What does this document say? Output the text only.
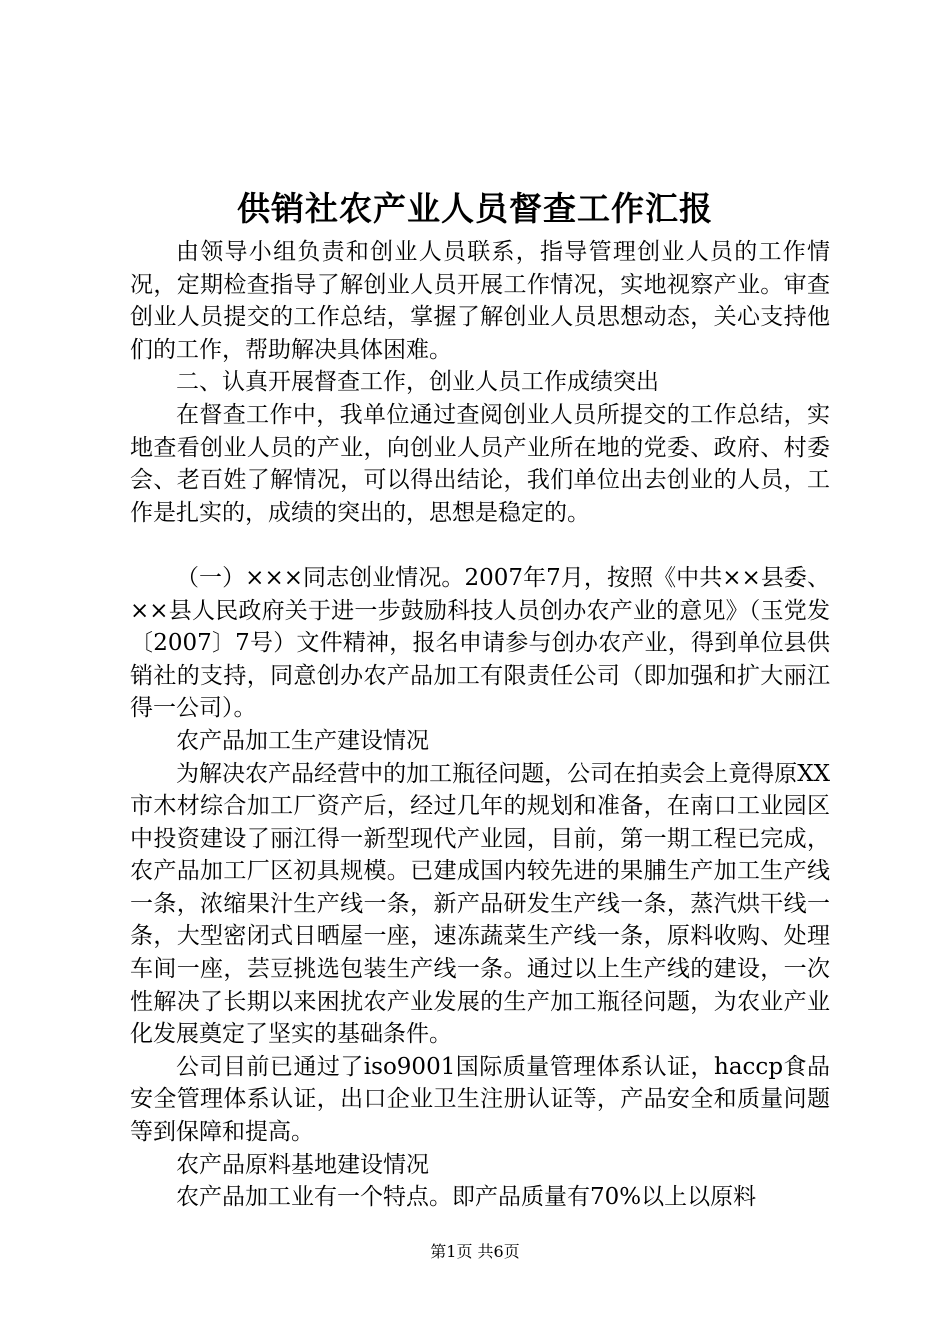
供销社农产业人员督查工作汇报

由领导小组负责和创业人员联系，指导管理创业人员的工作情况，定期检查指导了解创业人员开展工作情况，实地视察产业。审查创业人员提交的工作总结，掌握了解创业人员思想动态，关心支持他们的工作，帮助解决具体困难。

二、认真开展督查工作，创业人员工作成绩突出

在督查工作中，我单位通过查阅创业人员所提交的工作总结，实地查看创业人员的产业，向创业人员产业所在地的党委、政府、村委会、老百姓了解情况，可以得出结论，我们单位出去创业的人员，工作是扎实的，成绩的突出的，思想是稳定的。

（一）×××同志创业情况。2007年7月，按照《中共××县委、××县人民政府关于进一步鼓励科技人员创办农产业的意见》（玉党发〔2007〕7号）文件精神，报名申请参与创办农产业，得到单位县供销社的支持，同意创办农产品加工有限责任公司（即加强和扩大丽江得一公司）。

农产品加工生产建设情况

为解决农产品经营中的加工瓶径问题，公司在拍卖会上竟得原XX市木材综合加工厂资产后，经过几年的规划和准备，在南口工业园区中投资建设了丽江得一新型现代产业园，目前，第一期工程已完成，农产品加工厂区初具规模。已建成国内较先进的果脯生产加工生产线一条，浓缩果汁生产线一条，新产品研发生产线一条，蒸汽烘干线一条，大型密闭式日晒屋一座，速冻蔬菜生产线一条，原料收购、处理车间一座，芸豆挑选包装生产线一条。通过以上生产线的建设，一次性解决了长期以来困扰农产业发展的生产加工瓶径问题，为农业产业化发展奠定了坚实的基础条件。

公司目前已通过了iso9001国际质量管理体系认证，haccp食品安全管理体系认证，出口企业卫生注册认证等，产品安全和质量问题等到保障和提高。

农产品原料基地建设情况

农产品加工业有一个特点。即产品质量有70%以上以原料

第1页 共6页
